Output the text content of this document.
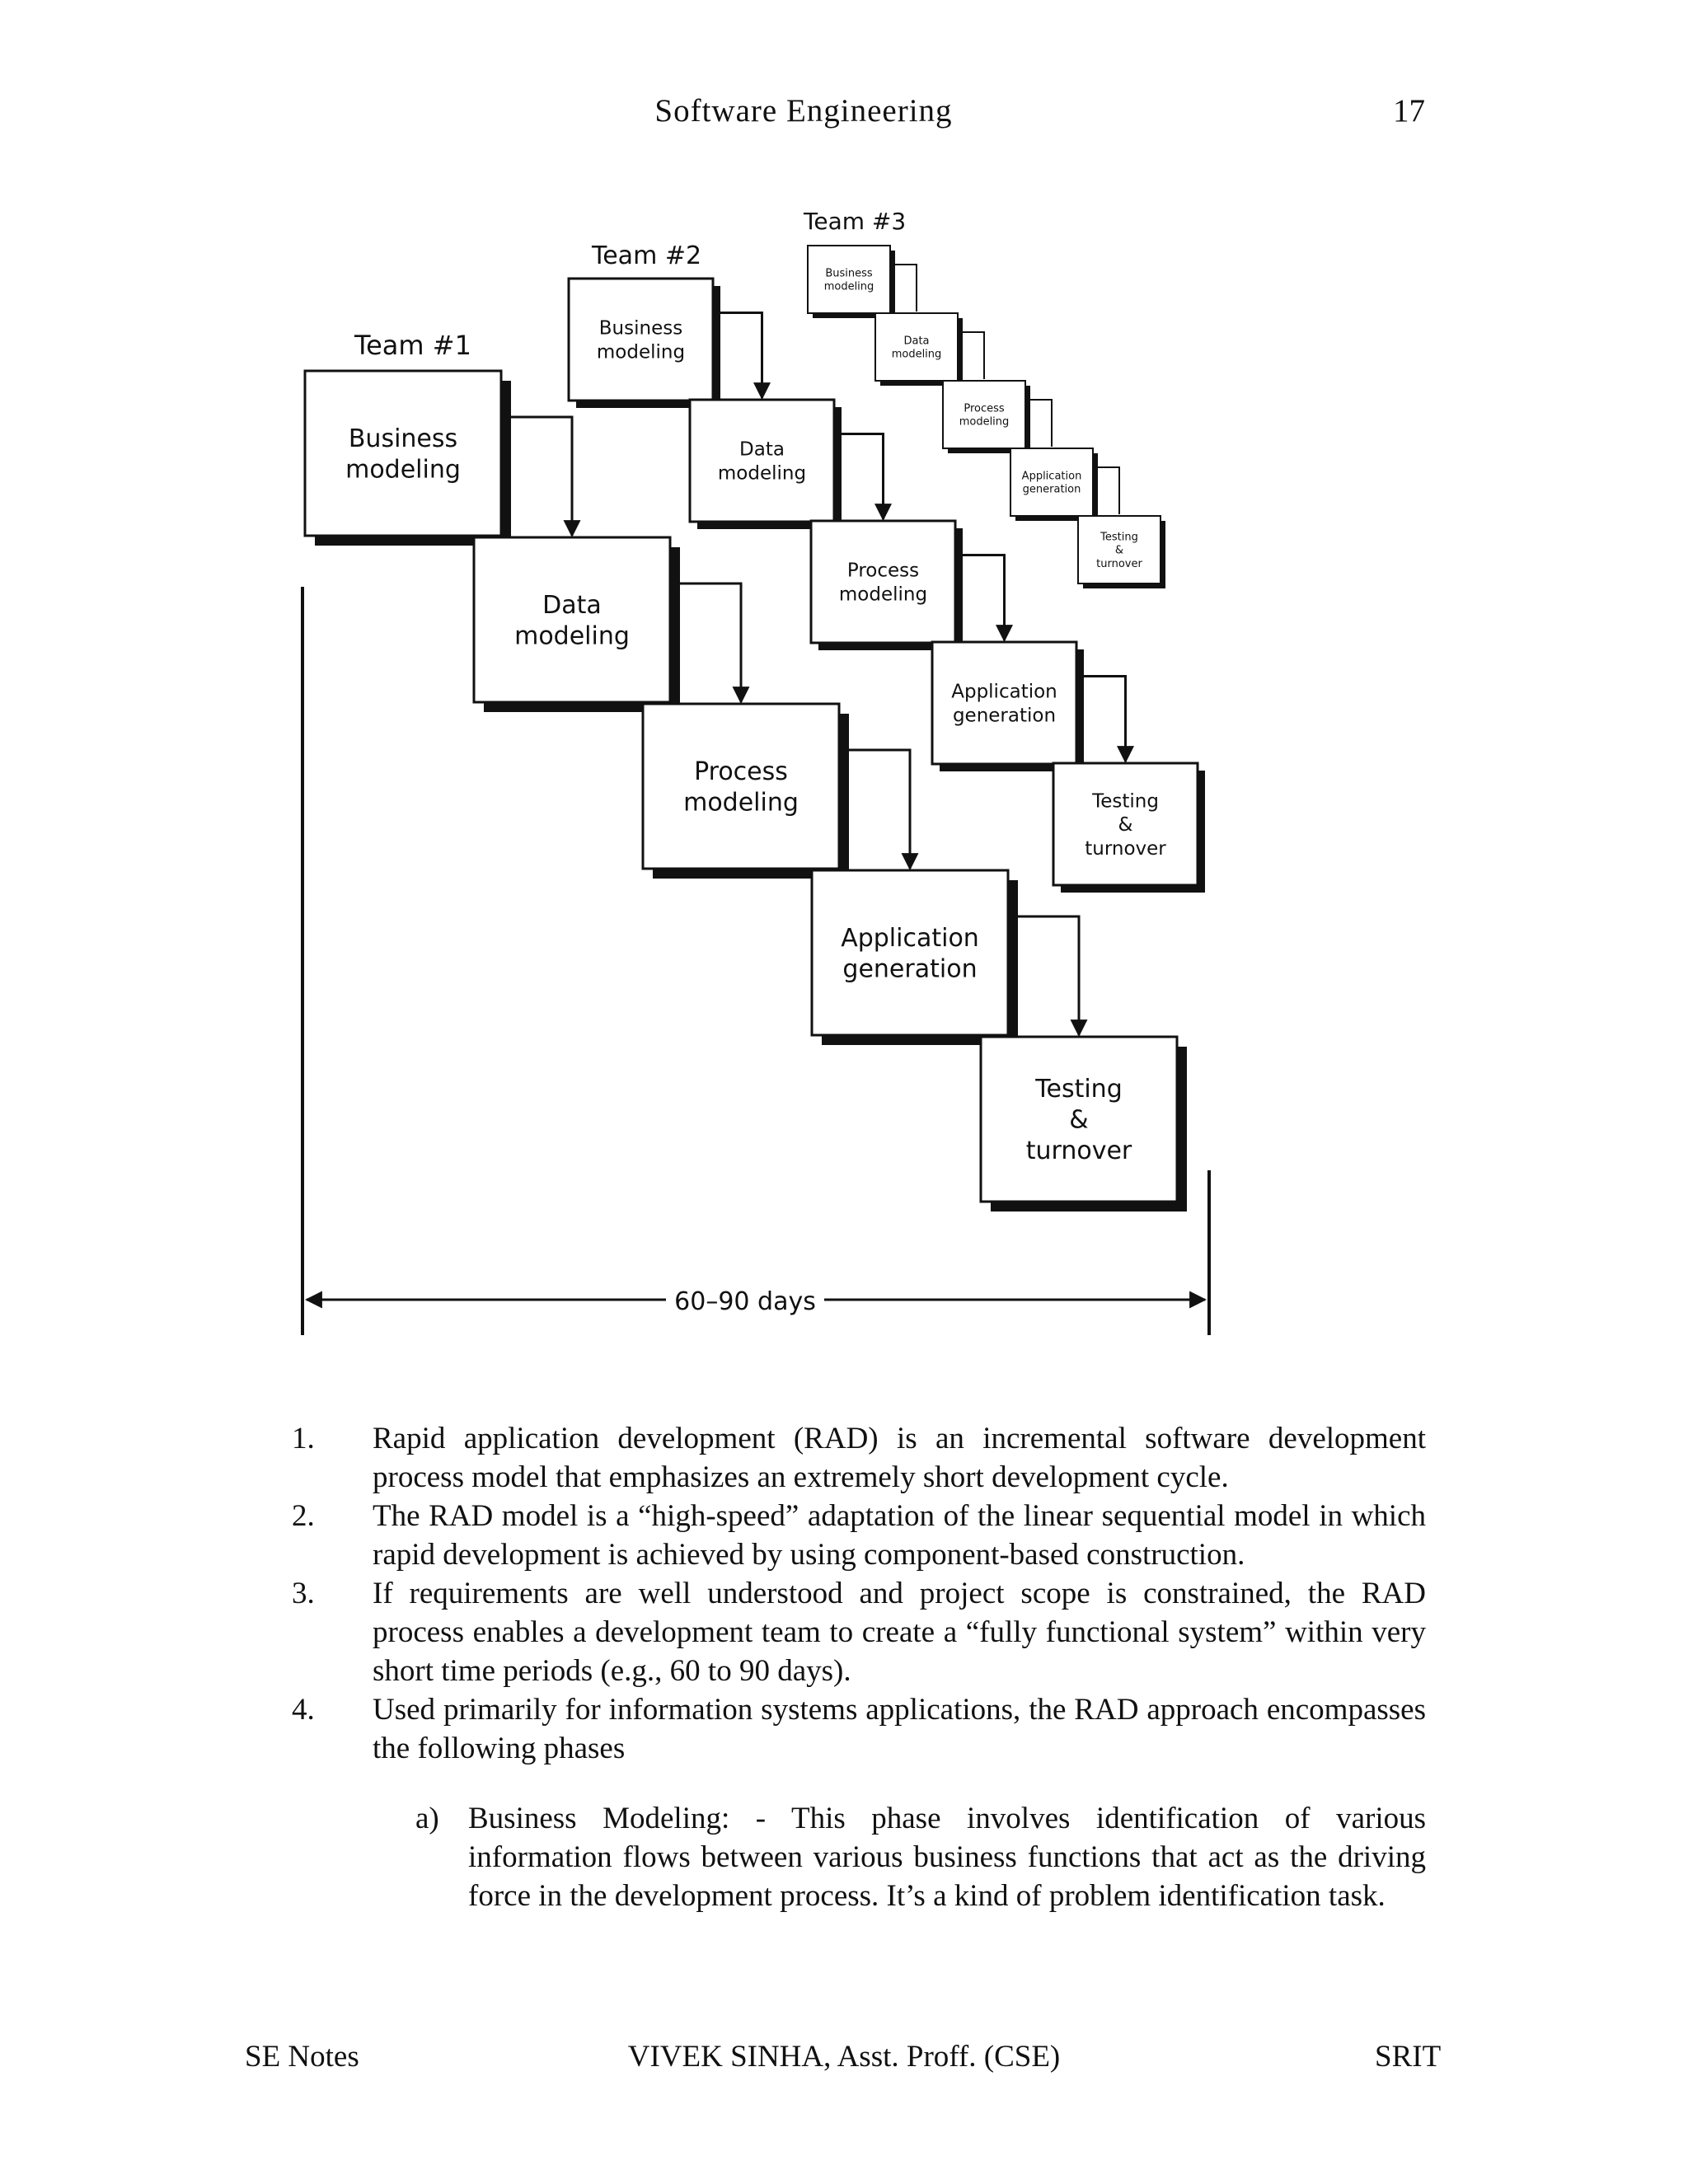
Software Engineering	17
Team #1
Business
modeling
Data
modeling
Process
modeling
Application
generation
Testing
&
turnover
Team #2
Business
modeling
Data
modeling
Process
modeling
Application
generation
Testing
&
turnover
Team #3
Business
modeling
Data
modeling
Process
modeling
Application
generation
Testing
&
turnover
60–90 days
1. Rapid application development (RAD) is an incremental software development process model that emphasizes an extremely short development cycle.
2. The RAD model is a “high-speed” adaptation of the linear sequential model in which rapid development is achieved by using component-based construction.
3. If requirements are well understood and project scope is constrained, the RAD process enables a development team to create a “fully functional system” within very short time periods (e.g., 60 to 90 days).
4. Used primarily for information systems applications, the RAD approach encompasses the following phases
a) Business Modeling: - This phase involves identification of various information flows between various business functions that act as the driving force in the development process. It’s a kind of problem identification task.
SE Notes	VIVEK SINHA, Asst. Proff. (CSE)	SRIT
